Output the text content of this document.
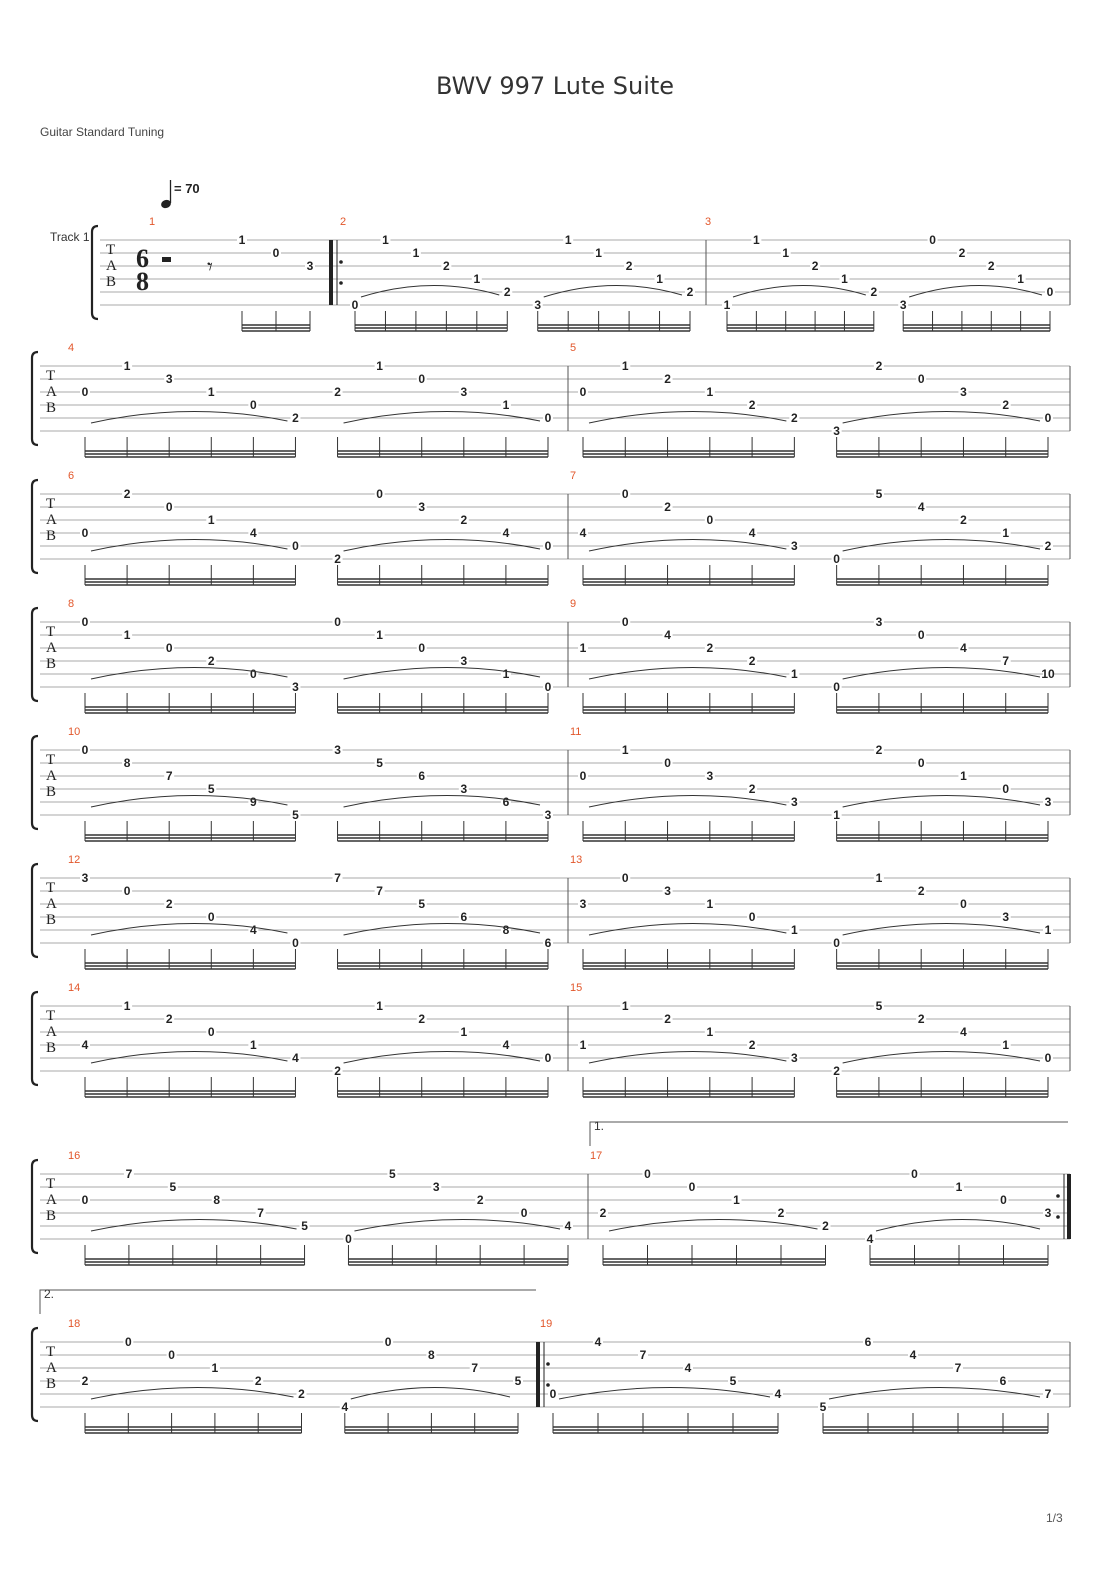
BWV 997 Lute Suite
Guitar Standard Tuning
1/3
= 70
Track 1
T
A
B
6
8	𝄾
1
1
0
3
2
0
1
1
2
1
2
3
1
1
2
1
2
3
1
1
1
2
1
2
3
0
2
2
1
0
T
A
B
4
0
1
3
1
0
2
2
1
0
3
1
0
5
0
1
2
1
2
2
3
2
0
3
2
0
T
A
B
6
0
2
0
1
4
0
2
0
3
2
4
0
7
4
0
2
0
4
3
0
5
4
2
1
2
T
A
B
8
0
1
0
2
0
3
0
1
0
3
1
0
9
1
0
4
2
2
1
0
3
0
4
7
10
T
A
B
10
0
8
7
5
9
5
3
5
6
3
6
3
11
0
1
0
3
2
3
1
2
0
1
0
3
T
A
B
12
3
0
2
0
4
0
7
7
5
6
8
6
13
3
0
3
1
0
1
0
1
2
0
3
1
T
A
B
14
4
1
2
0
1
4
2
1
2
1
4
0
15
1
1
2
1
2
3
2
5
2
4
1
0
T
A
B
1.
16
0
7
5
8
7
5
0
5
3
2
0
4
17
2
0
0
1
2
2
4
0
1
0
3
T
A
B
2.
18
2
0
0
1
2
2
4
0
8
7
5
19
0
4
7
4
5
4
5
6
4
7
6
7
